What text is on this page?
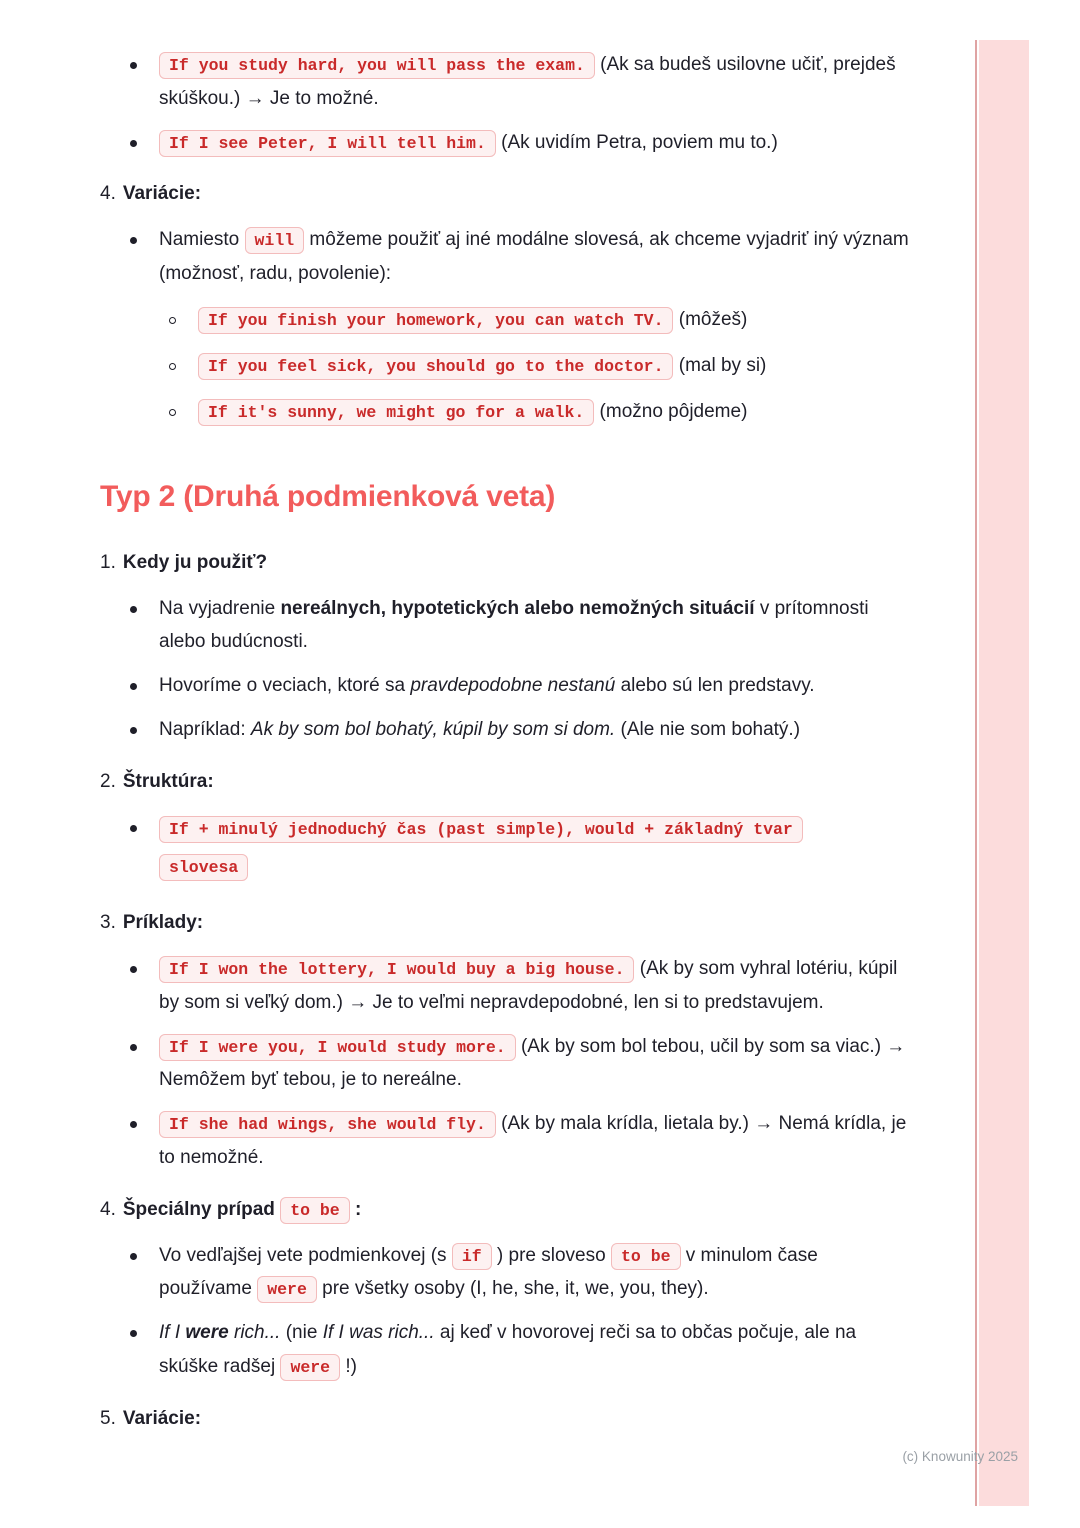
If you study hard, you will pass the exam. (Ak sa budeš usilovne učiť, prejdeš skúškou.) → Je to možné.
If I see Peter, I will tell him. (Ak uvidím Petra, poviem mu to.)
4. Variácie:
Namiesto will môžeme použiť aj iné modálne slovesá, ak chceme vyjadriť iný význam (možnosť, radu, povolenie):
If you finish your homework, you can watch TV. (môžeš)
If you feel sick, you should go to the doctor. (mal by si)
If it's sunny, we might go for a walk. (možno pôjdeme)
Typ 2 (Druhá podmienková veta)
1. Kedy ju použiť?
Na vyjadrenie nereálnych, hypotetických alebo nemožných situácií v prítomnosti alebo budúcnosti.
Hovoríme o veciach, ktoré sa pravdepodobne nestanú alebo sú len predstavy.
Napríklad: Ak by som bol bohatý, kúpil by som si dom. (Ale nie som bohatý.)
2. Štruktúra:
If + minulý jednoduchý čas (past simple), would + základný tvar slovesa
3. Príklady:
If I won the lottery, I would buy a big house. (Ak by som vyhral lotériu, kúpil by som si veľký dom.) → Je to veľmi nepravdepodobné, len si to predstavujem.
If I were you, I would study more. (Ak by som bol tebou, učil by som sa viac.) → Nemôžem byť tebou, je to nereálne.
If she had wings, she would fly. (Ak by mala krídla, lietala by.) → Nemá krídla, je to nemožné.
4. Špeciálny prípad to be :
Vo vedľajšej vete podmienkovej (s if ) pre sloveso to be v minulom čase používame were pre všetky osoby (I, he, she, it, we, you, they).
If I were rich... (nie If I was rich... aj keď v hovorovej reči sa to občas počuje, ale na skúške radšej were !)
5. Variácie:
(c) Knowunity 2025
